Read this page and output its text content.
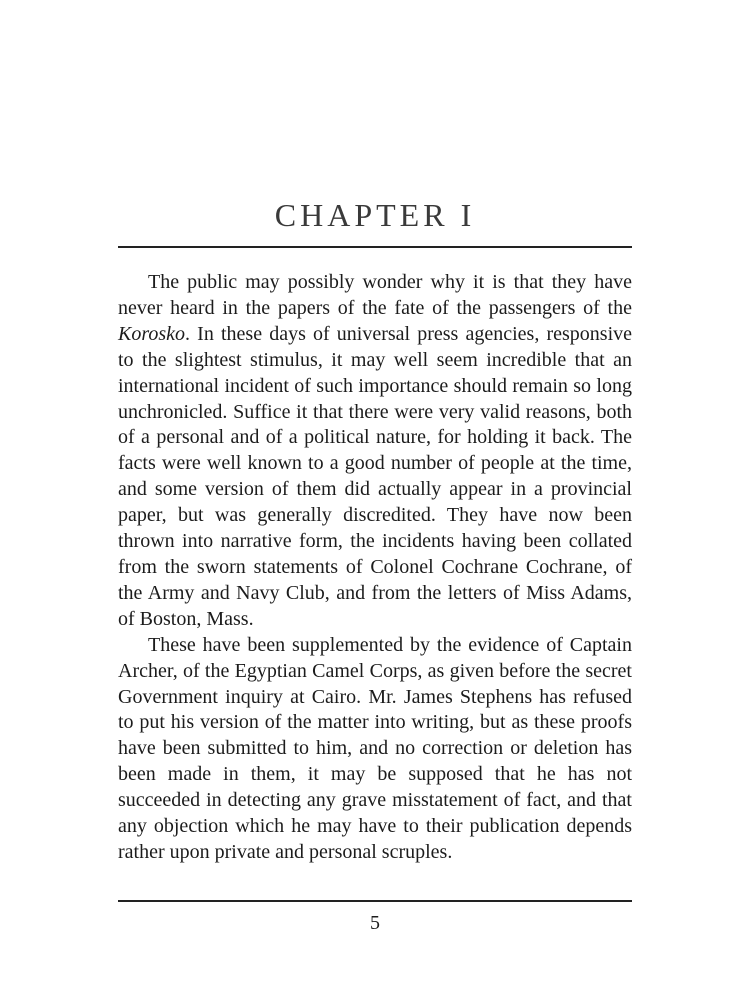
CHAPTER I

The public may possibly wonder why it is that they have never heard in the papers of the fate of the passengers of the Korosko. In these days of universal press agencies, responsive to the slightest stimulus, it may well seem incredible that an international incident of such importance should remain so long unchronicled. Suffice it that there were very valid reasons, both of a personal and of a political nature, for holding it back. The facts were well known to a good number of people at the time, and some version of them did actually appear in a provincial paper, but was generally discredited. They have now been thrown into narrative form, the incidents having been collated from the sworn statements of Colonel Cochrane Cochrane, of the Army and Navy Club, and from the letters of Miss Adams, of Boston, Mass.

These have been supplemented by the evidence of Captain Archer, of the Egyptian Camel Corps, as given before the secret Government inquiry at Cairo. Mr. James Stephens has refused to put his version of the matter into writing, but as these proofs have been submitted to him, and no correction or deletion has been made in them, it may be supposed that he has not succeeded in detecting any grave misstatement of fact, and that any objection which he may have to their publication depends rather upon private and personal scruples.

5
